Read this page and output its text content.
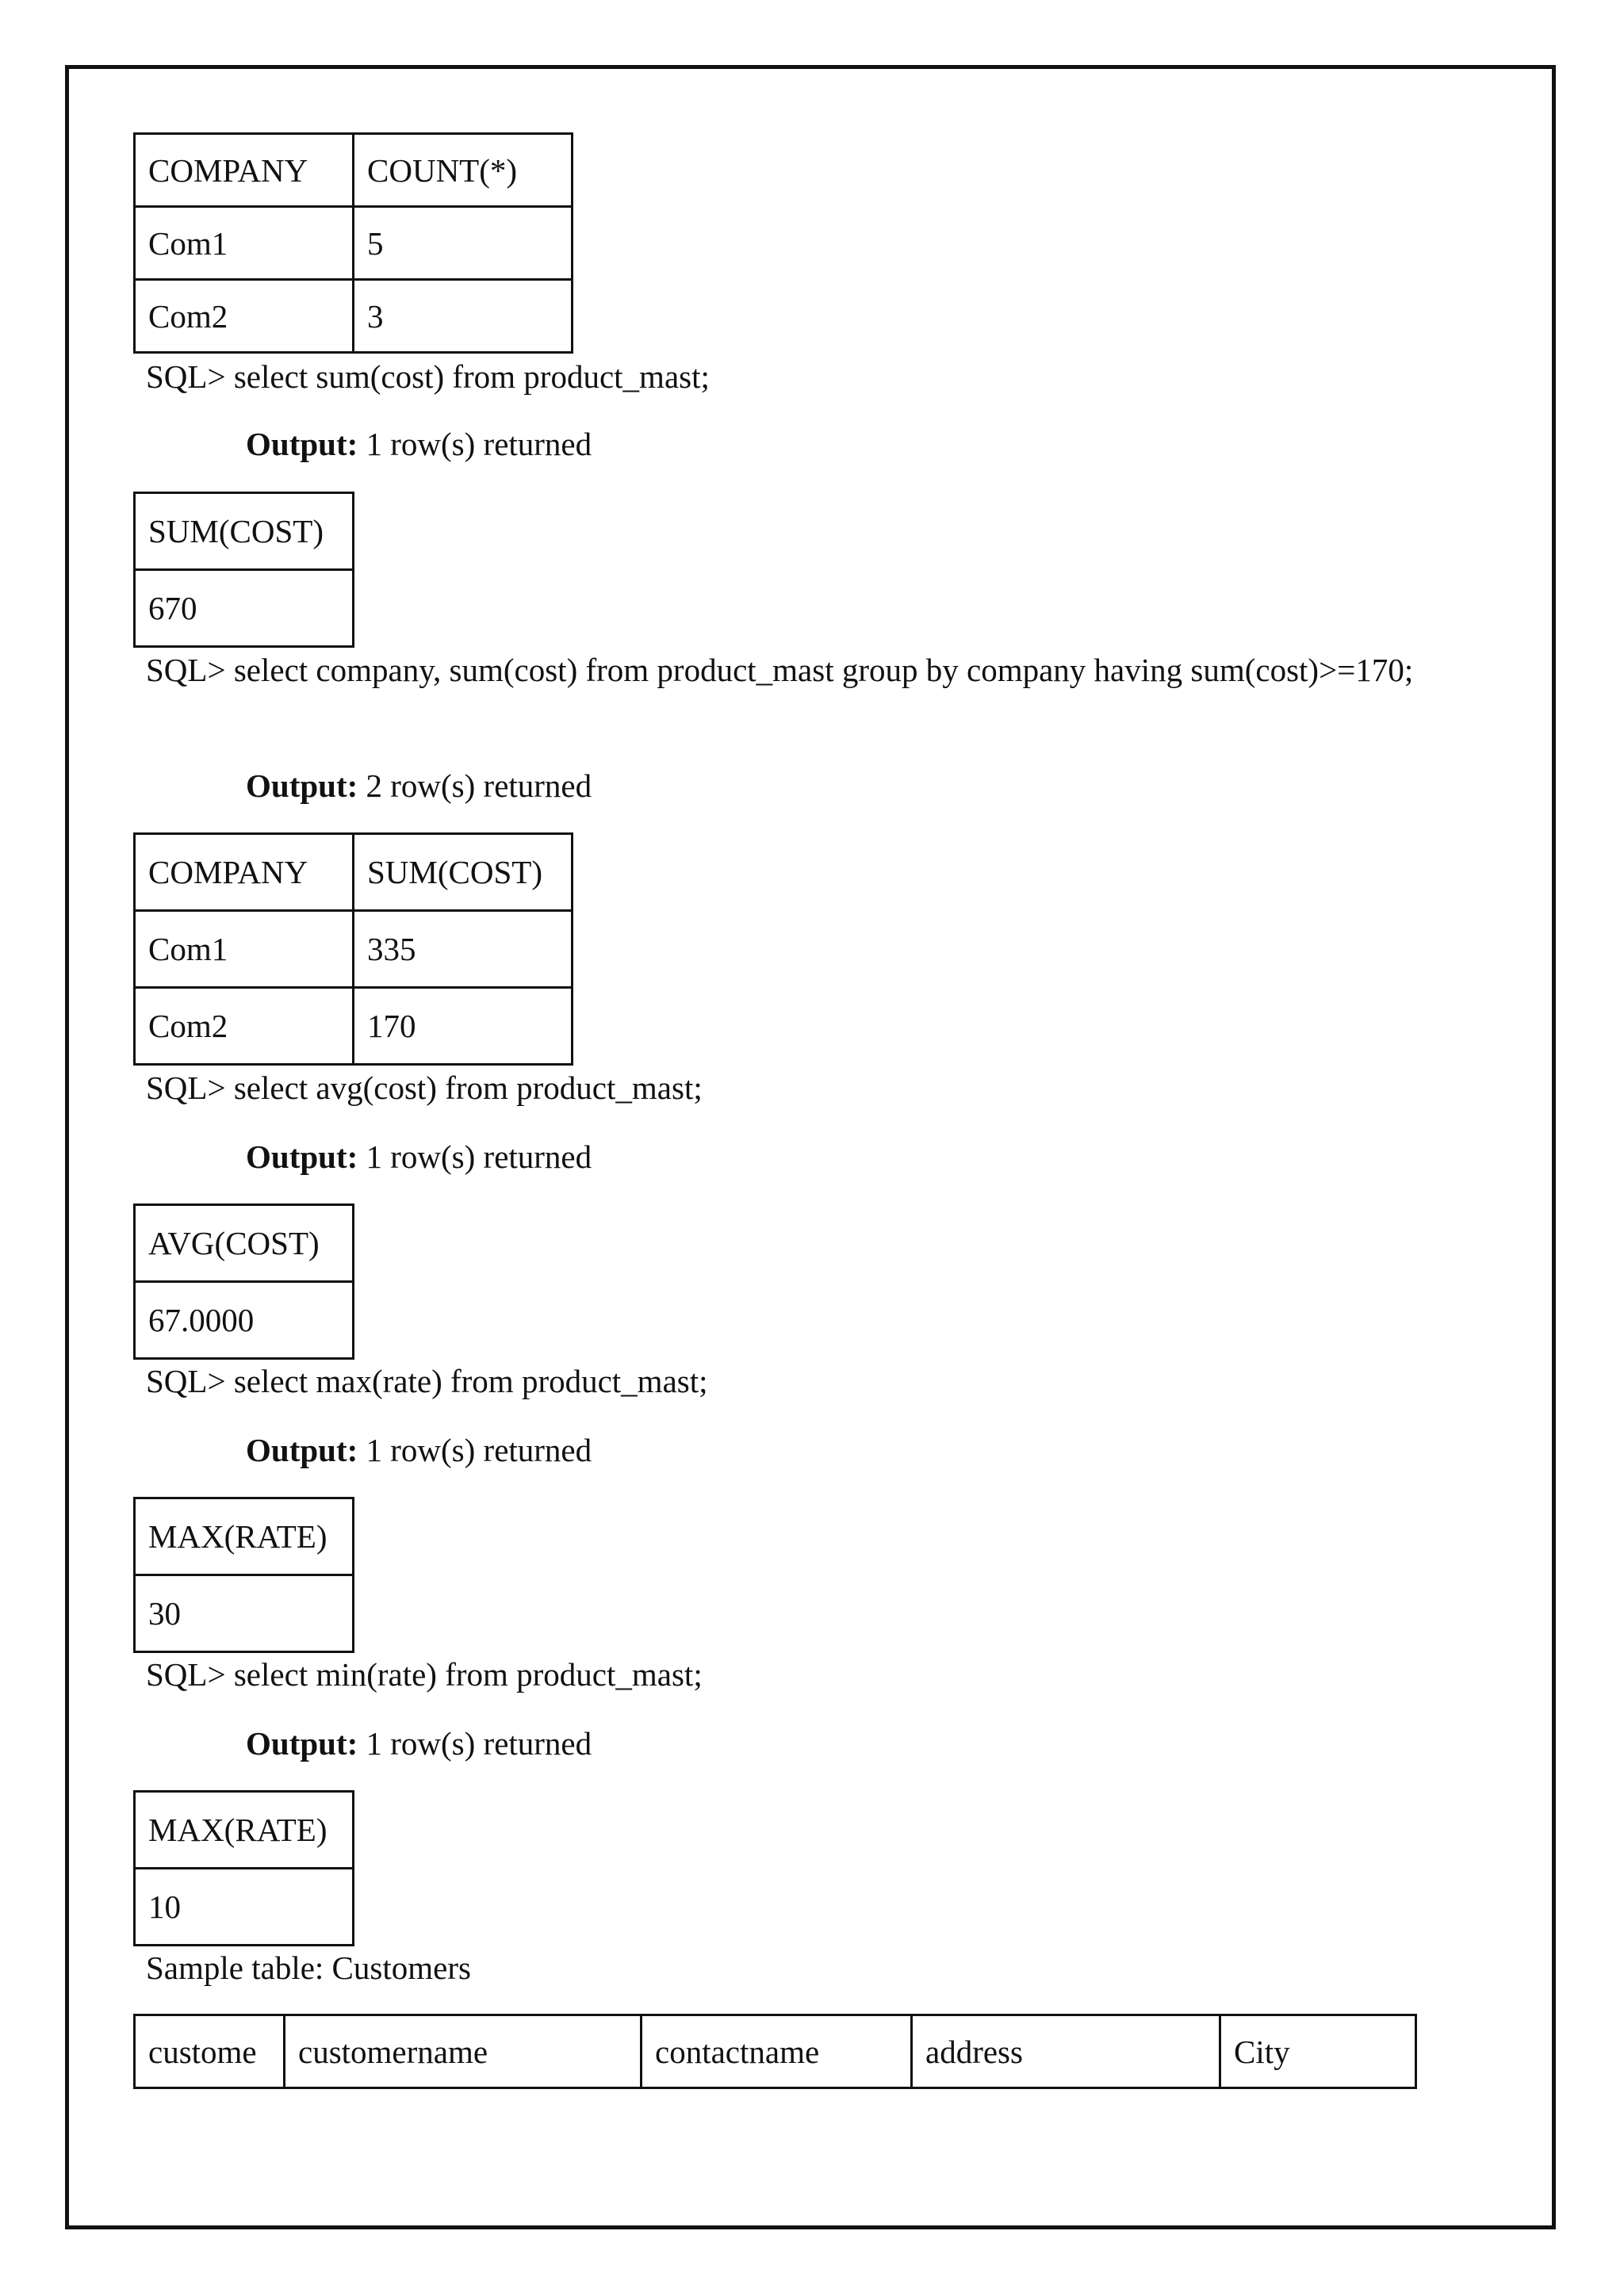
COMPANY	COUNT(*)
Com1	5
Com2	3
SQL> select sum(cost) from product_mast;
Output: 1 row(s) returned
SUM(COST)
670
SQL> select company, sum(cost) from product_mast group by company having sum(cost)>=170;
Output: 2 row(s) returned
COMPANY	SUM(COST)
Com1	335
Com2	170
SQL> select avg(cost) from product_mast;
Output: 1 row(s) returned
AVG(COST)
67.0000
SQL> select max(rate) from product_mast;
Output: 1 row(s) returned
MAX(RATE)
30
SQL> select min(rate) from product_mast;
Output: 1 row(s) returned
MAX(RATE)
10
Sample table: Customers
custome	customername	contactname	address	City
